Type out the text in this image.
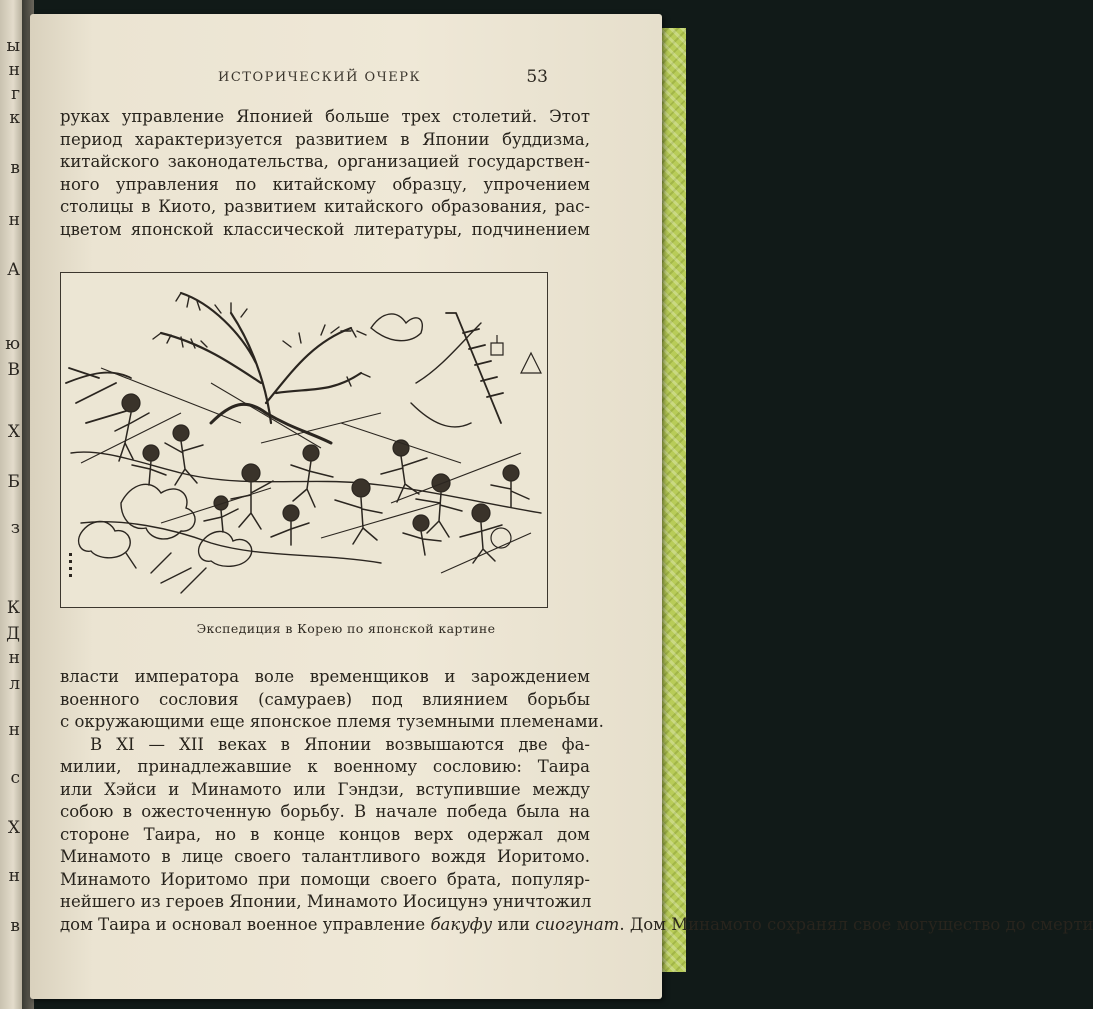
ы
н
г
к
в
н
А
ю
В
Х
Б
з
К
Д
н
л
н
с
Х
н
в
ИСТОРИЧЕСКИЙ ОЧЕРК	53
руках управление Японией больше трех столетий. Этот
период характеризуется развитием в Японии буддизма,
китайского законодательства, организацией государствен-
ного управления по китайскому образцу, упрочением
столицы в Киото, развитием китайского образования, рас-
цветом японской классической литературы, подчинением
Экспедиция в Корею по японской картине
власти императора воле временщиков и зарождением
военного сословия (самураев) под влиянием борьбы
с окружающими еще японское племя туземными племенами.
В XI — XII веках в Японии возвышаются две фа-
милии, принадлежавшие к военному сословию: Таира
или Хэйси и Минамото или Гэндзи, вступившие между
собою в ожесточенную борьбу. В начале победа была на
стороне Таира, но в конце концов верх одержал дом
Минамото в лице своего талантливого вождя Иоритомо.
Минамото Иоритомо при помощи своего брата, популяр-
нейшего из героев Японии, Минамото Иосицунэ уничтожил
дом Таира и основал военное управление бакуфу или сиогунат. Дом Минамото сохранял свое могущество до смерти
